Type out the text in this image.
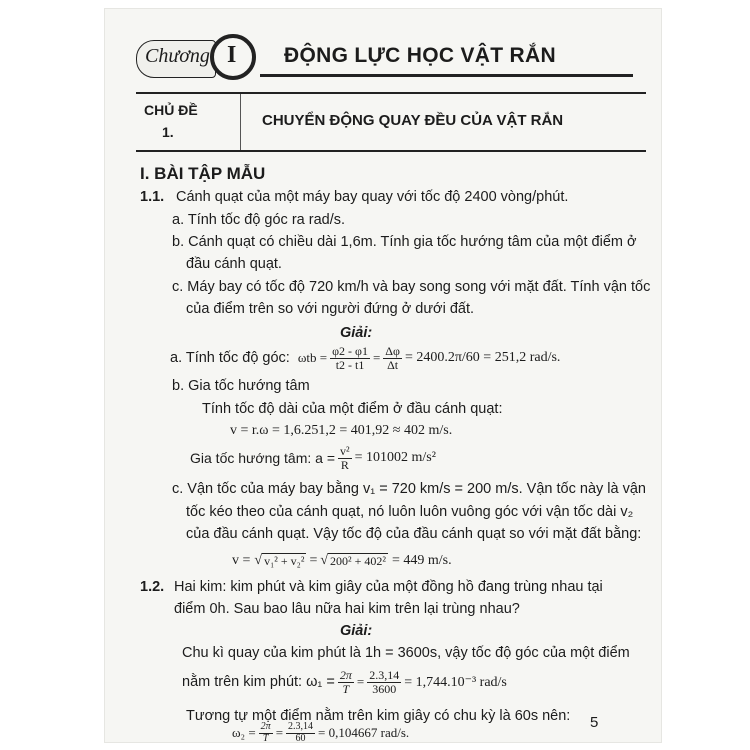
Chương I ĐỘNG LỰC HỌC VẬT RẮN
CHỦ ĐỀ
1.
CHUYỂN ĐỘNG QUAY ĐỀU CỦA VẬT RẮN
I. BÀI TẬP MẪU
1.1. Cánh quạt của một máy bay quay với tốc độ 2400 vòng/phút.
a. Tính tốc độ góc ra rad/s.
b. Cánh quạt có chiều dài 1,6m. Tính gia tốc hướng tâm của một điểm ở
đầu cánh quạt.
c. Máy bay có tốc độ 720 km/h và bay song song với mặt đất. Tính vận tốc
của điểm trên so với người đứng ở dưới đất.
Giải:
a. Tính tốc độ góc: $\omega tb = \frac{\varphi 2 - \varphi 1}{t2 - t1} = \frac{\Delta\varphi}{\Delta t} = 2400.2\pi/60 = 251,2$ rad/s.
b. Gia tốc hướng tâm
Tính tốc độ dài của một điểm ở đầu cánh quạt:
v = r.ω = 1,6.251,2 = 401,92 ≈ 402 m/s.
Gia tốc hướng tâm: $a = \frac{\text{v²}}{R} = 101002$ m/s²
c. Vận tốc của máy bay bằng v₁ = 720 km/s = 200 m/s. Vận tốc này là vận
tốc kéo theo của cánh quạt, nó luôn luôn vuông góc với vận tốc dài v₂
của đầu cánh quạt. Vậy tốc độ của đầu cánh quạt so với mặt đất bằng:
v = √ v₁² + v₂² = √ 200² + 402² = 449 m/s.
1.2. Hai kim: kim phút và kim giây của một đồng hồ đang trùng nhau tại
điểm 0h. Sau bao lâu nữa hai kim trên lại trùng nhau?
Giải:
Chu kì quay của kim phút là 1h = 3600s, vậy tốc độ góc của một điểm
nằm trên kim phút: $\omega_1 = \frac{2\pi}{T} = \frac{2.3,14}{3600} = 1,744.10^{-3}$ rad/s
Tương tự một điểm nằm trên kim giây có chu kỳ là 60s nên: 5
$\omega_2 = \frac{2\pi}{T} = \frac{2.3,14}{60} = 0,104667$ rad/s.
